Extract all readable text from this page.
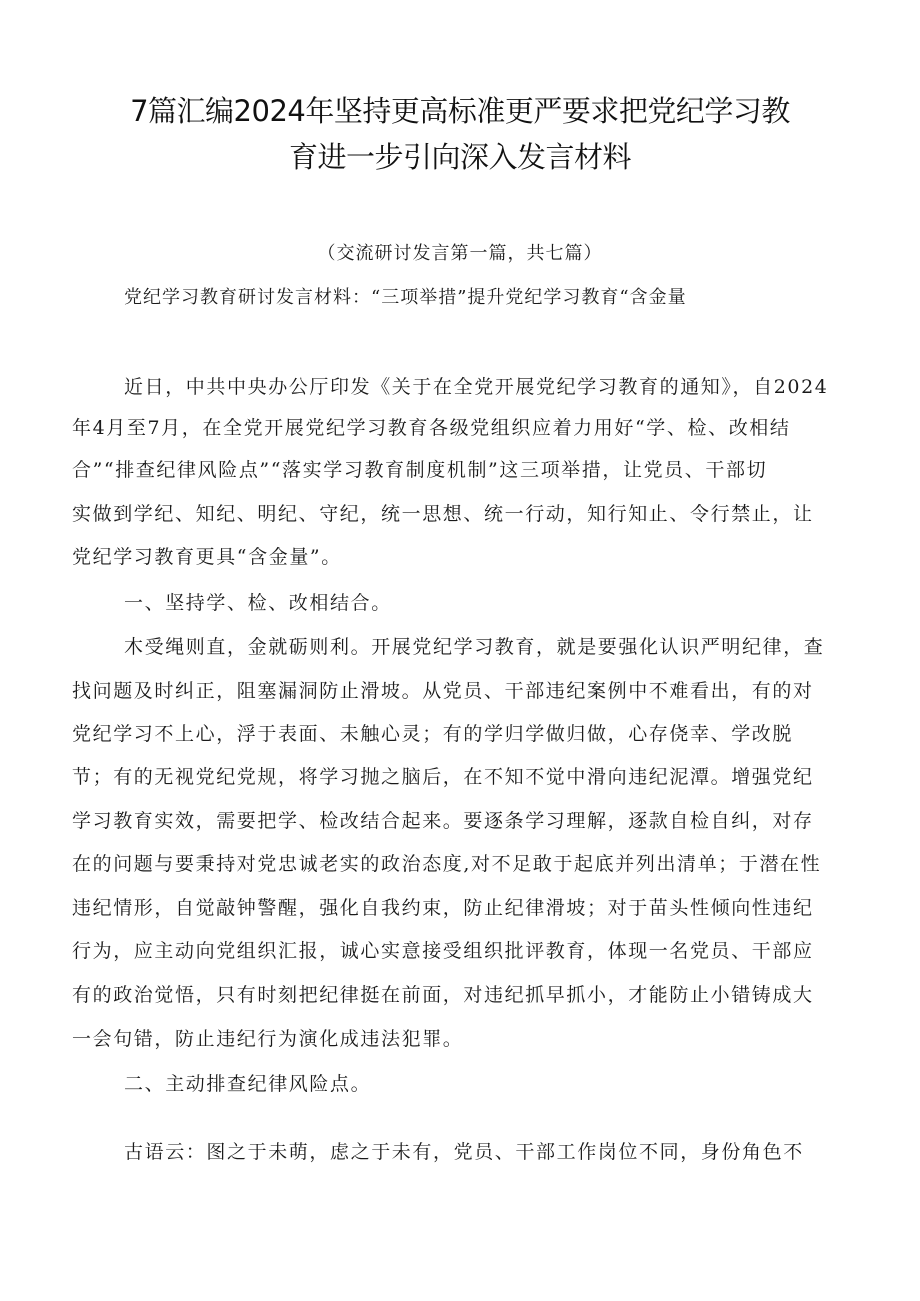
7篇汇编2024年坚持更高标准更严要求把党纪学习教
育进一步引向深入发言材料
（交流研讨发言第一篇，共七篇）
党纪学习教育研讨发言材料：“三项举措”提升党纪学习教育“含金量
近日，中共中央办公厅印发《关于在全党开展党纪学习教育的通知》，自2024
年4月至7月，在全党开展党纪学习教育各级党组织应着力用好“学、检、改相结
合”“排查纪律风险点”“落实学习教育制度机制”这三项举措，让党员、干部切
实做到学纪、知纪、明纪、守纪，统一思想、统一行动，知行知止、令行禁止，让
党纪学习教育更具“含金量”。
一、坚持学、检、改相结合。
木受绳则直，金就砺则利。开展党纪学习教育，就是要强化认识严明纪律，查
找问题及时纠正，阻塞漏洞防止滑坡。从党员、干部违纪案例中不难看出，有的对
党纪学习不上心，浮于表面、未触心灵；有的学归学做归做，心存侥幸、学改脱
节；有的无视党纪党规，将学习抛之脑后，在不知不觉中滑向违纪泥潭。增强党纪
学习教育实效，需要把学、检改结合起来。要逐条学习理解，逐款自检自纠，对存
在的问题与要秉持对党忠诚老实的政治态度,对不足敢于起底并列出清单；于潜在性
违纪情形，自觉敲钟警醒，强化自我约束，防止纪律滑坡；对于苗头性倾向性违纪
行为，应主动向党组织汇报，诚心实意接受组织批评教育，体现一名党员、干部应
有的政治觉悟，只有时刻把纪律挺在前面，对违纪抓早抓小，才能防止小错铸成大
一会句错，防止违纪行为演化成违法犯罪。
二、主动排查纪律风险点。
古语云：图之于未萌，虑之于未有，党员、干部工作岗位不同，身份角色不
